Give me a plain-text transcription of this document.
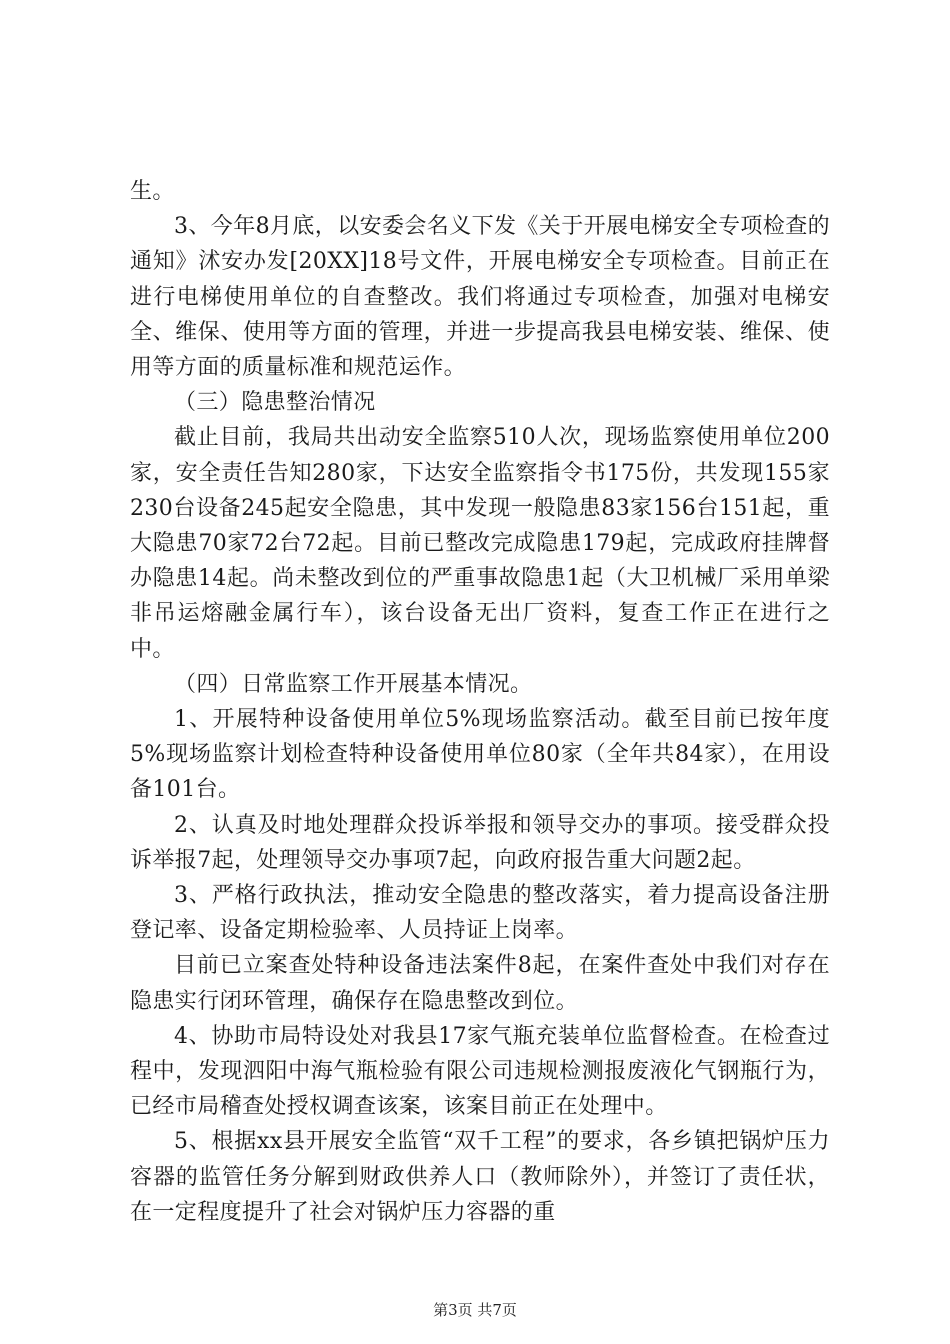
生。

3、今年8月底，以安委会名义下发《关于开展电梯安全专项检查的通知》沭安办发[20XX]18号文件，开展电梯安全专项检查。目前正在进行电梯使用单位的自查整改。我们将通过专项检查，加强对电梯安全、维保、使用等方面的管理，并进一步提高我县电梯安装、维保、使用等方面的质量标准和规范运作。

（三）隐患整治情况

截止目前，我局共出动安全监察510人次，现场监察使用单位200家，安全责任告知280家，下达安全监察指令书175份，共发现155家230台设备245起安全隐患，其中发现一般隐患83家156台151起，重大隐患70家72台72起。目前已整改完成隐患179起，完成政府挂牌督办隐患14起。尚未整改到位的严重事故隐患1起（大卫机械厂采用单梁非吊运熔融金属行车），该台设备无出厂资料，复查工作正在进行之中。

（四）日常监察工作开展基本情况。

1、开展特种设备使用单位5%现场监察活动。截至目前已按年度5%现场监察计划检查特种设备使用单位80家（全年共84家），在用设备101台。

2、认真及时地处理群众投诉举报和领导交办的事项。接受群众投诉举报7起，处理领导交办事项7起，向政府报告重大问题2起。

3、严格行政执法，推动安全隐患的整改落实，着力提高设备注册登记率、设备定期检验率、人员持证上岗率。

目前已立案查处特种设备违法案件8起，在案件查处中我们对存在隐患实行闭环管理，确保存在隐患整改到位。

4、协助市局特设处对我县17家气瓶充装单位监督检查。在检查过程中，发现泗阳中海气瓶检验有限公司违规检测报废液化气钢瓶行为，已经市局稽查处授权调查该案，该案目前正在处理中。

5、根据xx县开展安全监管“双千工程”的要求，各乡镇把锅炉压力容器的监管任务分解到财政供养人口（教师除外），并签订了责任状，在一定程度提升了社会对锅炉压力容器的重

第3页 共7页
